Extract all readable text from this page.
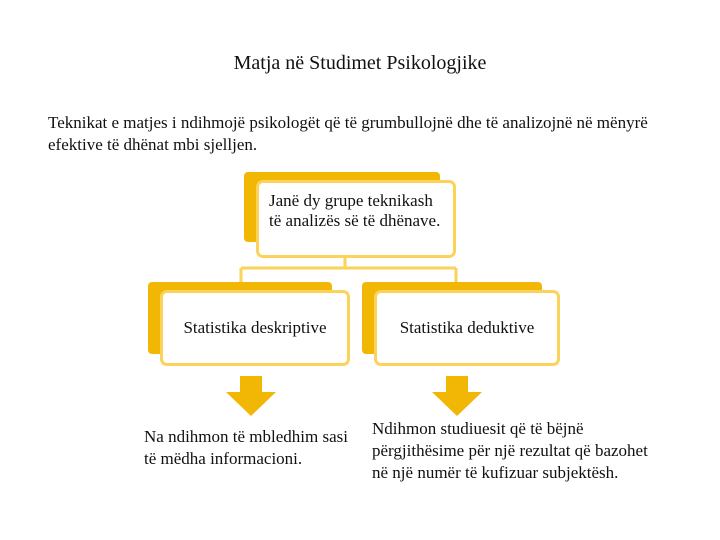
Matja në Studimet Psikologjike
Teknikat e matjes i ndihmojë psikologët që të grumbullojnë dhe të analizojnë në mënyrë efektive të dhënat mbi sjelljen.
Janë dy grupe teknikash të analizës së të dhënave.
Statistika deskriptive	Statistika deduktive
Na ndihmon të mbledhim sasi të mëdha informacioni.
Ndihmon studiuesit që të bëjnë përgjithësime për një rezultat që bazohet në një numër të kufizuar subjektësh.
